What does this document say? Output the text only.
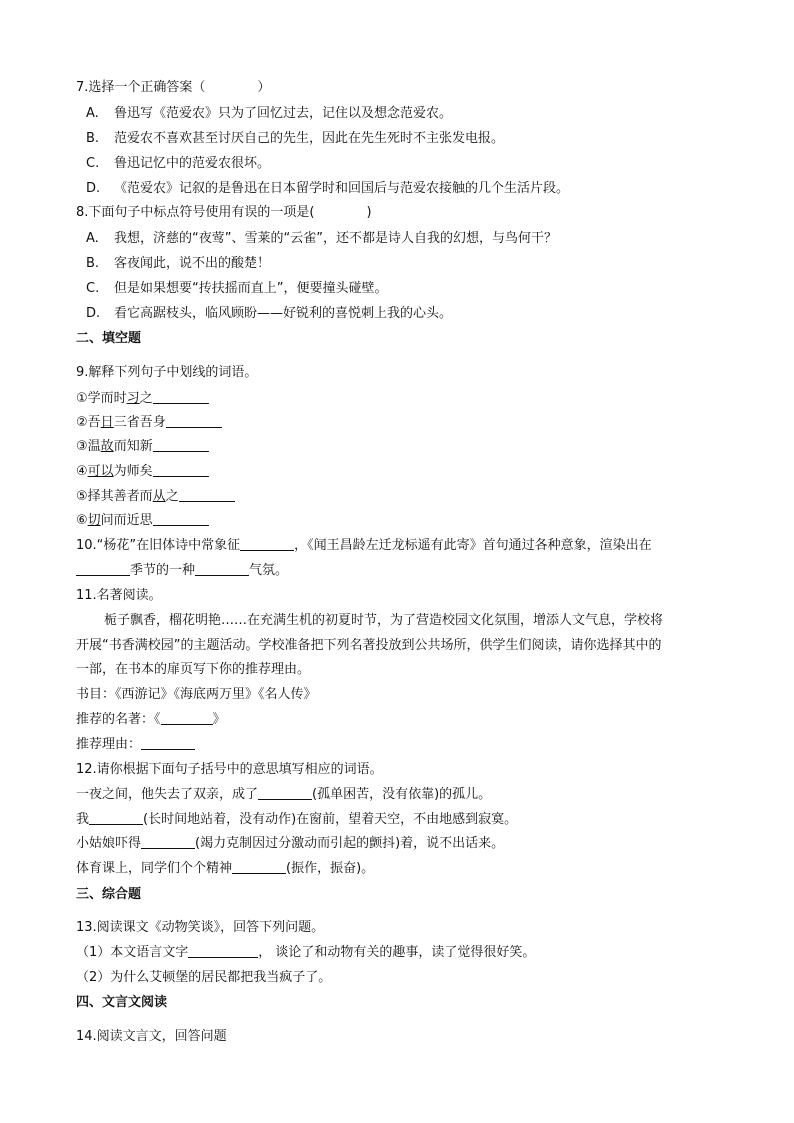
7.选择一个正确答案（　　　　）
A.	鲁迅写《范爱农》只为了回忆过去，记住以及想念范爱农。
B.	范爱农不喜欢甚至讨厌自己的先生，因此在先生死时不主张发电报。
C.	鲁迅记忆中的范爱农很坏。
D.	《范爱农》记叙的是鲁迅在日本留学时和回国后与范爱农接触的几个生活片段。
8.下面句子中标点符号使用有误的一项是(　　　　)
A.	我想，济慈的“夜莺”、雪莱的“云雀”，还不都是诗人自我的幻想，与鸟何干？
B.	客夜闻此，说不出的酸楚！
C.	但是如果想要“抟扶摇而直上”，便要撞头碰壁。
D.	看它高踞枝头，临风顾盼——好锐利的喜悦刺上我的心头。
二、填空题
9.解释下列句子中划线的词语。
①学而时习之
②吾日三省吾身
③温故而知新
④可以为师矣
⑤择其善者而从之
⑥切问而近思
10.“杨花”在旧体诗中常象征	，《闻王昌龄左迁龙标遥有此寄》首句通过各种意象，渲染出在
季节的一种	气氛。
11.名著阅读。
栀子飘香，榴花明艳……在充满生机的初夏时节，为了营造校园文化氛围，增添人文气息，学校将
开展“书香满校园”的主题活动。学校准备把下列名著投放到公共场所，供学生们阅读，请你选择其中的
一部，在书本的扉页写下你的推荐理由。
书目：《西游记》《海底两万里》《名人传》
推荐的名著：《	》
推荐理由：
12.请你根据下面句子括号中的意思填写相应的词语。
一夜之间，他失去了双亲，成了	(孤单困苦，没有依靠)的孤儿。
我	(长时间地站着，没有动作)在窗前，望着天空，不由地感到寂寞。
小姑娘吓得	(竭力克制因过分激动而引起的颤抖)着，说不出话来。
体育课上，同学们个个精神	(振作，振奋)。
三、综合题
13.阅读课文《动物笑谈》，回答下列问题。
（1）本文语言文字	， 谈论了和动物有关的趣事，读了觉得很好笑。
（2）为什么艾顿堡的居民都把我当疯子了。
四、文言文阅读
14.阅读文言文，回答问题
